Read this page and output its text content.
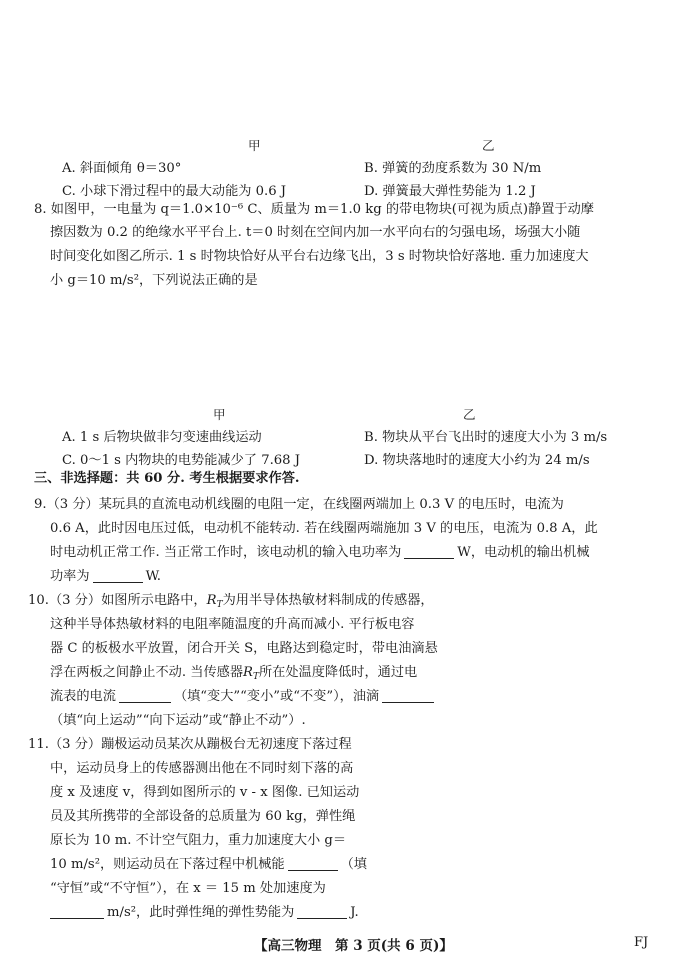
甲	乙
A. 斜面倾角 θ＝30°	B. 弹簧的劲度系数为 30 N/m
C. 小球下滑过程中的最大动能为 0.6 J	D. 弹簧最大弹性势能为 1.2 J
8. 如图甲，一电量为 q＝1.0×10⁻⁶ C、质量为 m＝1.0 kg 的带电物块(可视为质点)静置于动摩
擦因数为 0.2 的绝缘水平平台上. t＝0 时刻在空间内加一水平向右的匀强电场，场强大小随
时间变化如图乙所示. 1 s 时物块恰好从平台右边缘飞出，3 s 时物块恰好落地. 重力加速度大
小 g＝10 m/s²，下列说法正确的是
甲	乙
A. 1 s 后物块做非匀变速曲线运动	B. 物块从平台飞出时的速度大小为 3 m/s
C. 0～1 s 内物块的电势能减少了 7.68 J	D. 物块落地时的速度大小约为 24 m/s
三、非选择题：共 60 分. 考生根据要求作答.
9.（3 分）某玩具的直流电动机线圈的电阻一定，在线圈两端加上 0.3 V 的电压时，电流为
0.6 A，此时因电压过低，电动机不能转动. 若在线圈两端施加 3 V 的电压，电流为 0.8 A，此
时电动机正常工作. 当正常工作时，该电动机的输入电功率为	W，电动机的输出机械
功率为	W.
10.（3 分）如图所示电路中，$R_T$为用半导体热敏材料制成的传感器，
这种半导体热敏材料的电阻率随温度的升高而减小. 平行板电容
器 C 的板极水平放置，闭合开关 S，电路达到稳定时，带电油滴悬
浮在两板之间静止不动. 当传感器$R_T$所在处温度降低时，通过电
流表的电流	（填“变大”“变小”或“不变”），油滴
（填“向上运动”“向下运动”或“静止不动”）.
11.（3 分）蹦极运动员某次从蹦极台无初速度下落过程
中，运动员身上的传感器测出他在不同时刻下落的高
度 x 及速度 v，得到如图所示的 v - x 图像. 已知运动
员及其所携带的全部设备的总质量为 60 kg，弹性绳
原长为 10 m. 不计空气阻力，重力加速度大小 g＝
10 m/s²，则运动员在下落过程中机械能	（填
“守恒”或“不守恒”），在 x ＝ 15 m 处加速度为
m/s²，此时弹性绳的弹性势能为	J.
【高三物理　第 3 页(共 6 页)】	FJ
